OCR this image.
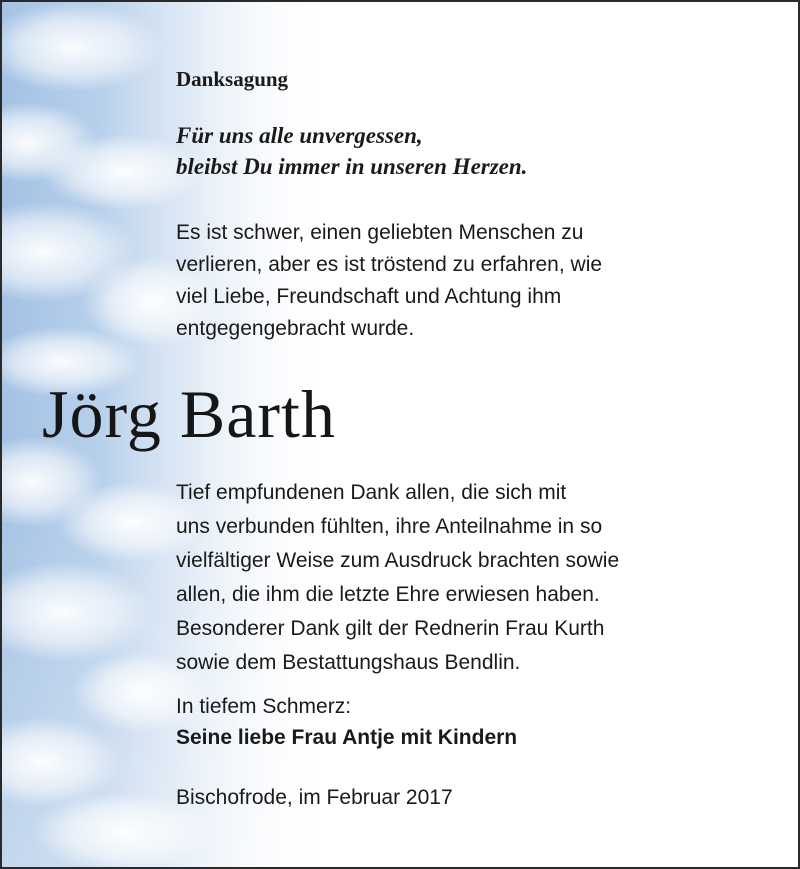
Danksagung

Für uns alle unvergessen,
bleibst Du immer in unseren Herzen.

Es ist schwer, einen geliebten Menschen zu
verlieren, aber es ist tröstend zu erfahren, wie
viel Liebe, Freundschaft und Achtung ihm
entgegengebracht wurde.

Jörg Barth

Tief empfundenen Dank allen, die sich mit
uns verbunden fühlten, ihre Anteilnahme in so
vielfältiger Weise zum Ausdruck brachten sowie
allen, die ihm die letzte Ehre erwiesen haben.
Besonderer Dank gilt der Rednerin Frau Kurth
sowie dem Bestattungshaus Bendlin.

In tiefem Schmerz:

Seine liebe Frau Antje mit Kindern

Bischofrode, im Februar 2017
